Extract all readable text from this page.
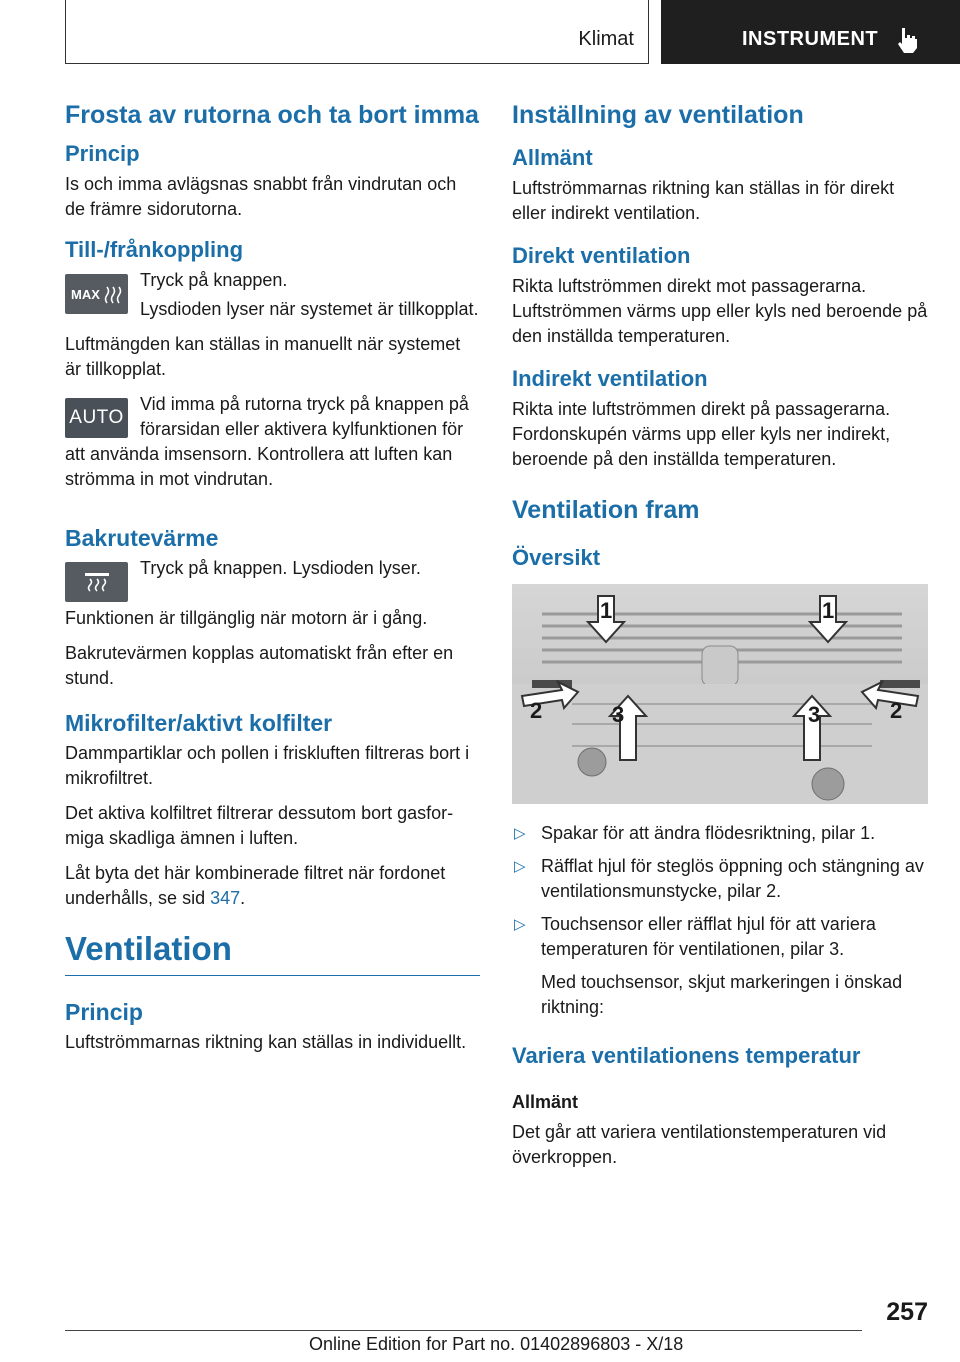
Klimat	INSTRUMENT
Frosta av rutorna och ta bort imma
Princip

Is och imma avlägsnas snabbt från vindrutan och de främre sidorutorna.

Till-/frånkoppling
MAX

Tryck på knappen.

Lysdioden lyser när systemet är tillkopplat.

Luftmängden kan ställas in manuellt när systemet är tillkopplat.

AUTO

Vid imma på rutorna tryck på knappen på förarsidan eller aktivera kylfunktionen för att använda imsensorn. Kontrollera att luften kan strömma in mot vindrutan.

Bakrutevärme

Tryck på knappen. Lysdioden lyser.

Funktionen är tillgänglig när motorn är i gång.

Bakrutevärmen kopplas automatiskt från efter en stund.

Mikrofilter/aktivt kolfilter

Dammpartiklar och pollen i friskluften filtreras bort i mikrofiltret.

Det aktiva kolfiltret filtrerar dessutom bort gasformiga skadliga ämnen i luften.

Låt byta det här kombinerade filtret när fordonet underhålls, se sid 347.

Ventilation
Princip

Luftströmmarnas riktning kan ställas in individuellt.

Inställning av ventilation
Allmänt

Luftströmmarnas riktning kan ställas in för direkt eller indirekt ventilation.

Direkt ventilation

Rikta luftströmmen direkt mot passagerarna. Luftströmmen värms upp eller kyls ned beroende på den inställda temperaturen.

Indirekt ventilation

Rikta inte luftströmmen direkt på passagerarna. Fordonskupén värms upp eller kyls ner indirekt, beroende på den inställda temperaturen.

Ventilation fram
Översikt
1	1
2	3	3	2
▷ Spakar för att ändra flödesriktning, pilar 1.
▷ Räfflat hjul för steglös öppning och stängning av ventilationsmunstycke, pilar 2.
▷ Touchsensor eller räfflat hjul för att variera temperaturen för ventilationen, pilar 3.

Med touchsensor, skjut markeringen i önskad riktning:

Variera ventilationens temperatur
Allmänt

Det går att variera ventilationstemperaturen vid överkroppen.

257
Online Edition for Part no. 01402896803 - X/18
